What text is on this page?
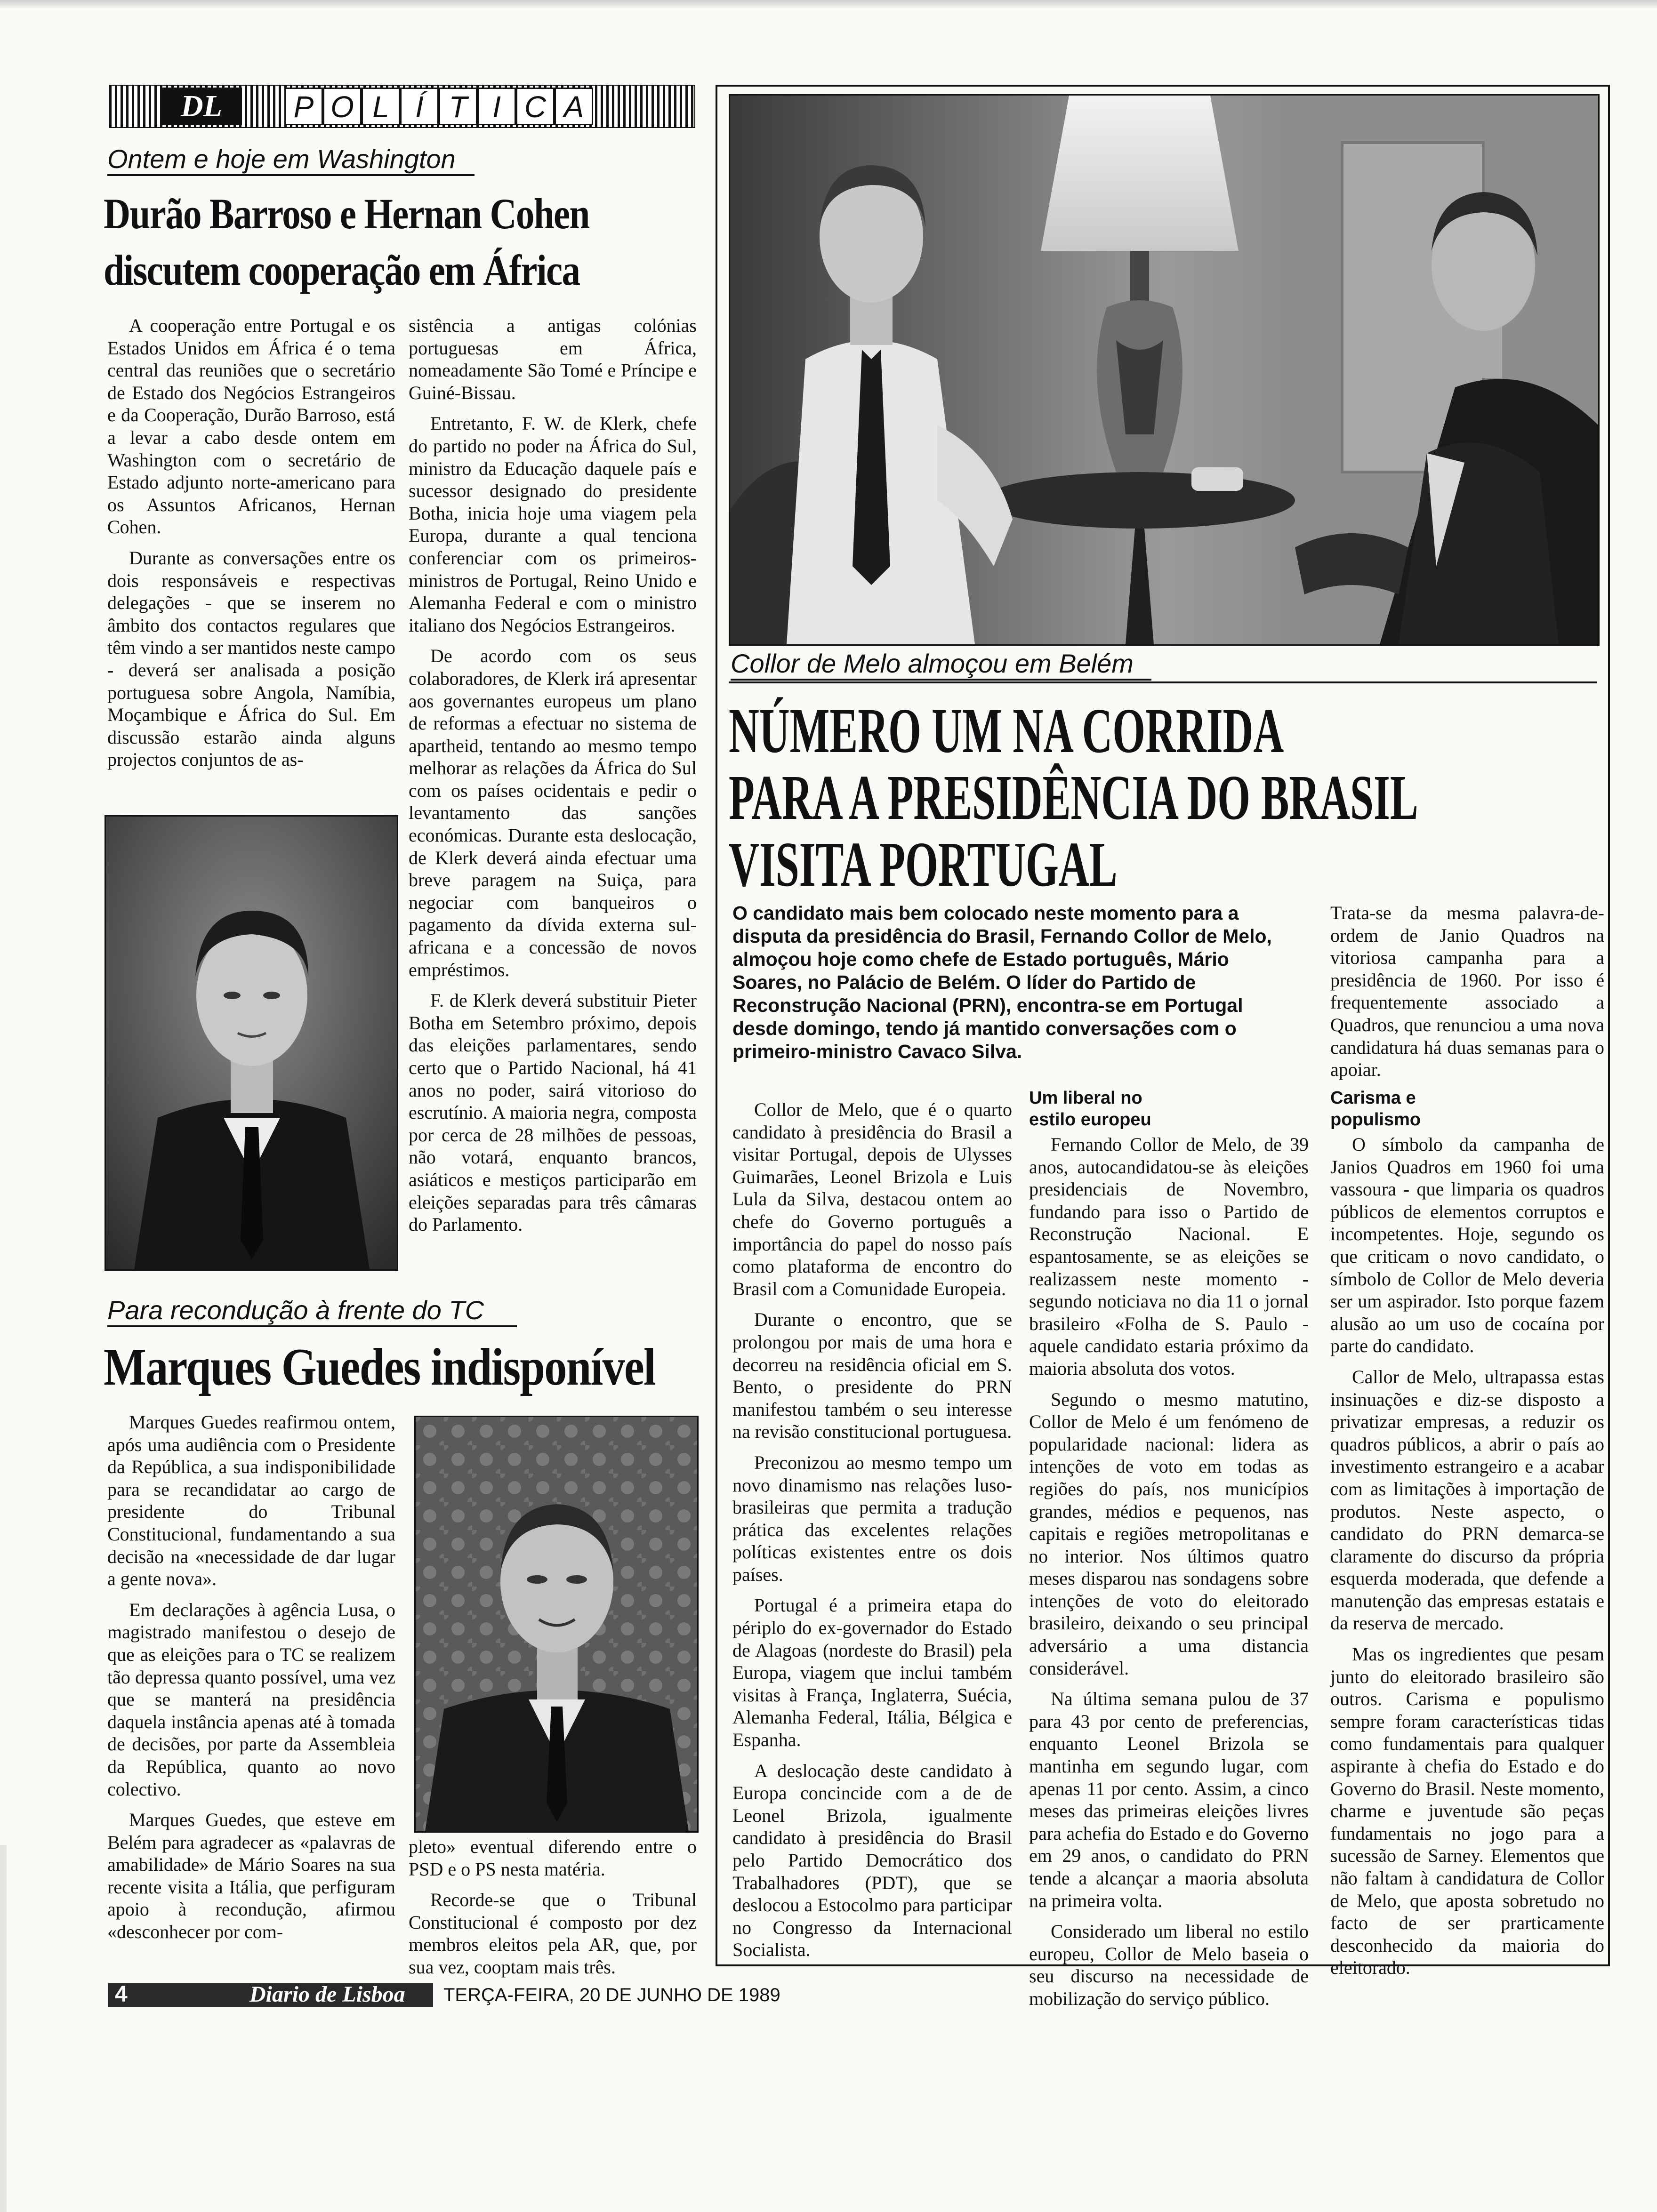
DL	P O L Í T I C A
Ontem e hoje em Washington
Durão Barroso e Hernan Cohen
discutem cooperação em África

A cooperação entre Portugal e os Estados Unidos em África é o tema central das reuniões que o secretário de Estado dos Negócios Estrangeiros e da Cooperação, Durão Barroso, está a levar a cabo desde ontem em Washington com o secretário de Estado adjunto norte-americano para os Assuntos Africanos, Hernan Cohen.

Durante as conversações entre os dois responsáveis e respectivas delegações - que se inserem no âmbito dos contactos regulares que têm vindo a ser mantidos neste campo - deverá ser analisada a posição portuguesa sobre Angola, Namíbia, Moçambique e África do Sul. Em discussão estarão ainda alguns projectos conjuntos de as-

sistência a antigas colónias portuguesas em África, nomeadamente São Tomé e Príncipe e Guiné-Bissau.

Entretanto, F. W. de Klerk, chefe do partido no poder na África do Sul, ministro da Educação daquele país e sucessor designado do presidente Botha, inicia hoje uma viagem pela Europa, durante a qual tenciona conferenciar com os primeiros-ministros de Portugal, Reino Unido e Alemanha Federal e com o ministro italiano dos Negócios Estrangeiros.

De acordo com os seus colaboradores, de Klerk irá apresentar aos governantes europeus um plano de reformas a efectuar no sistema de apartheid, tentando ao mesmo tempo melhorar as relações da África do Sul com os países ocidentais e pedir o levantamento das sanções económicas. Durante esta deslocação, de Klerk deverá ainda efectuar uma breve paragem na Suiça, para negociar com banqueiros o pagamento da dívida externa sul-africana e a concessão de novos empréstimos.

F. de Klerk deverá substituir Pieter Botha em Setembro próximo, depois das eleições parlamentares, sendo certo que o Partido Nacional, há 41 anos no poder, sairá vitorioso do escrutínio. A maioria negra, composta por cerca de 28 milhões de pessoas, não votará, enquanto brancos, asiáticos e mestiços participarão em eleições separadas para três câmaras do Parlamento.

Para recondução à frente do TC
Marques Guedes indisponível

Marques Guedes reafirmou ontem, após uma audiência com o Presidente da República, a sua indisponibilidade para se recandidatar ao cargo de presidente do Tribunal Constitucional, fundamentando a sua decisão na «necessidade de dar lugar a gente nova».

Em declarações à agência Lusa, o magistrado manifestou o desejo de que as eleições para o TC se realizem tão depressa quanto possível, uma vez que se manterá na presidência daquela instância apenas até à tomada de decisões, por parte da Assembleia da República, quanto ao novo colectivo.

Marques Guedes, que esteve em Belém para agradecer as «palavras de amabilidade» de Mário Soares na sua recente visita a Itália, que perfiguram apoio à recondução, afirmou «desconhecer por com-

pleto» eventual diferendo entre o PSD e o PS nesta matéria.

Recorde-se que o Tribunal Constitucional é composto por dez membros eleitos pela AR, que, por sua vez, cooptam mais três.

Collor de Melo almoçou em Belém
NÚMERO UM NA CORRIDA
PARA A PRESIDÊNCIA DO BRASIL
VISITA PORTUGAL
O candidato mais bem colocado neste momento para a disputa da presidência do Brasil, Fernando Collor de Melo, almoçou hoje como chefe de Estado português, Mário Soares, no Palácio de Belém. O líder do Partido de Reconstrução Nacional (PRN), encontra-se em Portugal desde domingo, tendo já mantido conversações com o primeiro-ministro Cavaco Silva.
Trata-se da mesma palavra-de-ordem de Janio Quadros na vitoriosa campanha para a presidência de 1960. Por isso é frequentemente associado a Quadros, que renunciou a uma nova candidatura há duas semanas para o apoiar.

Collor de Melo, que é o quarto candidato à presidência do Brasil a visitar Portugal, depois de Ulysses Guimarães, Leonel Brizola e Luis Lula da Silva, destacou ontem ao chefe do Governo português a importância do papel do nosso país como plataforma de encontro do Brasil com a Comunidade Europeia.

Durante o encontro, que se prolongou por mais de uma hora e decorreu na residência oficial em S. Bento, o presidente do PRN manifestou também o seu interesse na revisão constitucional portuguesa.

Preconizou ao mesmo tempo um novo dinamismo nas relações luso-brasileiras que permita a tradução prática das excelentes relações políticas existentes entre os dois países.

Portugal é a primeira etapa do périplo do ex-governador do Estado de Alagoas (nordeste do Brasil) pela Europa, viagem que inclui também visitas à França, Inglaterra, Suécia, Alemanha Federal, Itália, Bélgica e Espanha.

A deslocação deste candidato à Europa concincide com a de de Leonel Brizola, igualmente candidato à presidência do Brasil pelo Partido Democrático dos Trabalhadores (PDT), que se deslocou a Estocolmo para participar no Congresso da Internacional Socialista.

Um liberal no estilo europeu

Fernando Collor de Melo, de 39 anos, autocandidatou-se às eleições presidenciais de Novembro, fundando para isso o Partido de Reconstrução Nacional. E espantosamente, se as eleições se realizassem neste momento - segundo noticiava no dia 11 o jornal brasileiro «Folha de S. Paulo - aquele candidato estaria próximo da maioria absoluta dos votos.

Segundo o mesmo matutino, Collor de Melo é um fenómeno de popularidade nacional: lidera as intenções de voto em todas as regiões do país, nos municípios grandes, médios e pequenos, nas capitais e regiões metropolitanas e no interior. Nos últimos quatro meses disparou nas sondagens sobre intenções de voto do eleitorado brasileiro, deixando o seu principal adversário a uma distancia considerável.

Na última semana pulou de 37 para 43 por cento de preferencias, enquanto Leonel Brizola se mantinha em segundo lugar, com apenas 11 por cento. Assim, a cinco meses das primeiras eleições livres para achefia do Estado e do Governo em 29 anos, o candidato do PRN tende a alcançar a maoria absoluta na primeira volta.

Considerado um liberal no estilo europeu, Collor de Melo baseia o seu discurso na necessidade de mobilização do serviço público.

Carisma e populismo

O símbolo da campanha de Janios Quadros em 1960 foi uma vassoura - que limparia os quadros públicos de elementos corruptos e incompetentes. Hoje, segundo os que criticam o novo candidato, o símbolo de Collor de Melo deveria ser um aspirador. Isto porque fazem alusão ao um uso de cocaína por parte do candidato.

Callor de Melo, ultrapassa estas insinuações e diz-se disposto a privatizar empresas, a reduzir os quadros públicos, a abrir o país ao investimento estrangeiro e a acabar com as limitações à importação de produtos. Neste aspecto, o candidato do PRN demarca-se claramente do discurso da própria esquerda moderada, que defende a manutenção das empresas estatais e da reserva de mercado.

Mas os ingredientes que pesam junto do eleitorado brasileiro são outros. Carisma e populismo sempre foram características tidas como fundamentais para qualquer aspirante à chefia do Estado e do Governo do Brasil. Neste momento, charme e juventude são peças fundamentais no jogo para a sucessão de Sarney. Elementos que não faltam à candidatura de Collor de Melo, que aposta sobretudo no facto de ser prarticamente desconhecido da maioria do eleitorado.

4	Diario de Lisboa TERÇA-FEIRA, 20 DE JUNHO DE 1989
